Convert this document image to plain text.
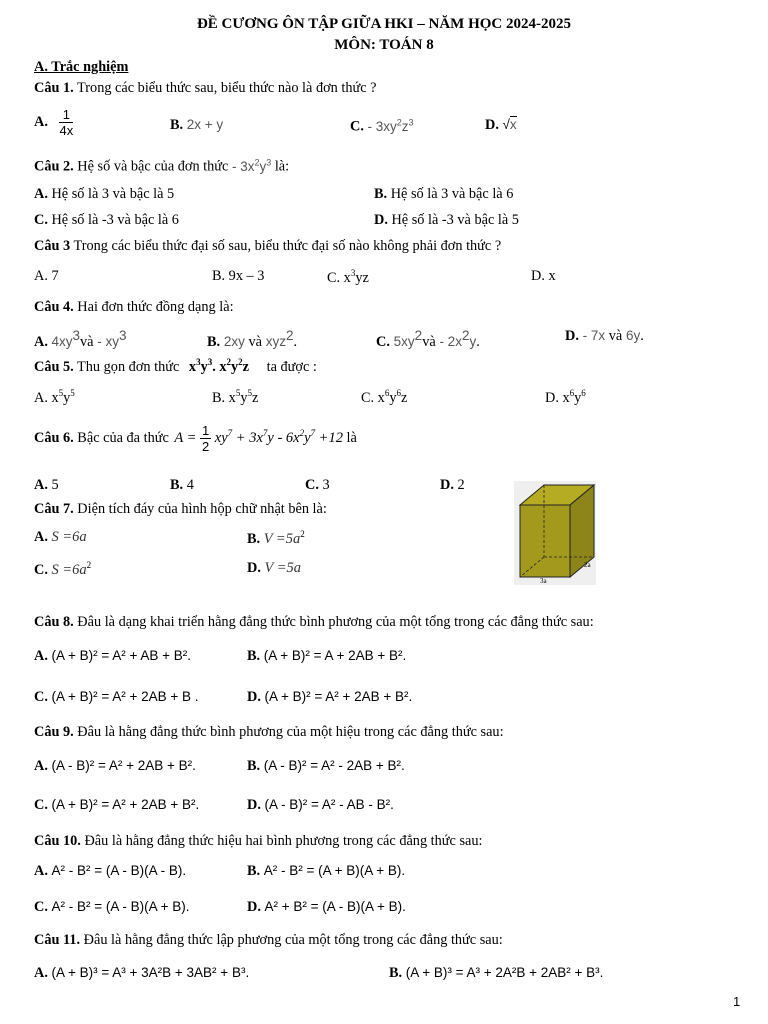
ĐỀ CƯƠNG ÔN TẬP GIỮA HKI – NĂM HỌC 2024-2025
MÔN: TOÁN 8
A. Trắc nghiệm
Câu 1. Trong các biểu thức sau, biểu thức nào là đơn thức ?
A. $\frac{1}{4x}$	B. 2x + y	C. - $3xy^2z^3$	D. √x
Câu 2. Hệ số và bậc của đơn thức - $3x^2y^3$ là:
A. Hệ số là 3 và bậc là 5	B. Hệ số là 3 và bậc là 6
C. Hệ số là -3 và bậc là 6	D. Hệ số là -3 và bậc là 5
Câu 3 Trong các biểu thức đại số sau, biểu thức đại số nào không phải đơn thức ?
A. 7	B. 9x – 3	C. $x^3yz$	D. x
Câu 4. Hai đơn thức đồng dạng là:
A. $4xy^3và - xy^3$	B. 2xy và xyz$^2$.	C. $5xy^2và - 2x^2y$.	D. - 7x và 6y.
Câu 5. Thu gọn đơn thức $x^3y^3$. $x^2y^2z$ ta được :
A. $x^5y^5$	B. $x^5y^5z$	C. $x^6y^6z$	D. $x^6y^6$
Câu 6. Bậc của đa thức $A = \frac{1}{2} xy^7 + 3x^7y - 6x^2y^7 +12$ là
A. 5	B. 4	C. 3	D. 2
Câu 7. Diện tích đáy của hình hộp chữ nhật bên là:
A. S =6a	B. $V =5a^2$
C. $S =6a^2$	D. V =5a	2a
3a
Câu 8. Đâu là dạng khai triển hằng đẳng thức bình phương của một tổng trong các đẳng thức sau:
A. (A + B)² = A² + AB + B².	B. (A + B)² = A + 2AB + B².
C. (A + B)² = A² + 2AB + B .	D. (A + B)² = A² + 2AB + B².
Câu 9. Đâu là hằng đẳng thức bình phương của một hiệu trong các đẳng thức sau:
A. (A - B)² = A² + 2AB + B².	B. (A - B)² = A² - 2AB + B².
C. (A + B)² = A² + 2AB + B².	D. (A - B)² = A² - AB - B².
Câu 10. Đâu là hằng đẳng thức hiệu hai bình phương trong các đẳng thức sau:
A. A² - B² = (A - B)(A - B).	B. A² - B² = (A + B)(A + B).
C. A² - B² = (A - B)(A + B).	D. A² + B² = (A - B)(A + B).
Câu 11. Đâu là hằng đẳng thức lập phương của một tổng trong các đẳng thức sau:
A. (A + B)³ = A³ + 3A²B + 3AB² + B³.	B. (A + B)³ = A³ + 2A²B + 2AB² + B³.
1
